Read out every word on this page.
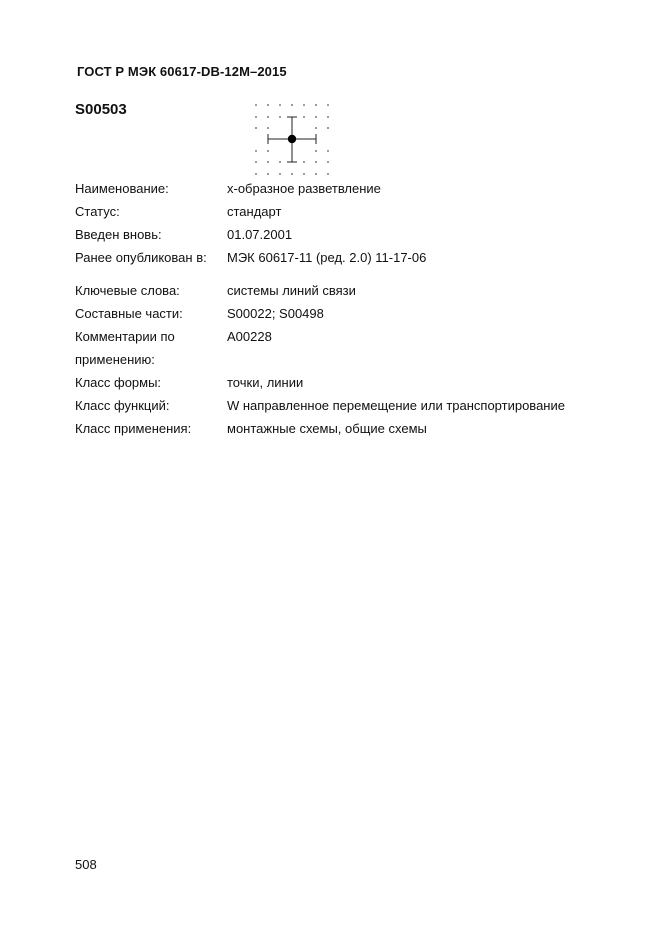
ГОСТ Р МЭК 60617-DB-12M–2015
S00503
Наименование:	х-образное разветвление
Статус:	стандарт
Введен вновь:	01.07.2001
Ранее опубликован в:	МЭК 60617-11 (ред. 2.0) 11-17-06
Ключевые слова:	системы линий связи
Составные части:	S00022; S00498
Комментарии по
применению:
A00228
Класс формы:	точки, линии
Класс функций:	W направленное перемещение или транспортирование
Класс применения:	монтажные схемы, общие схемы
508
